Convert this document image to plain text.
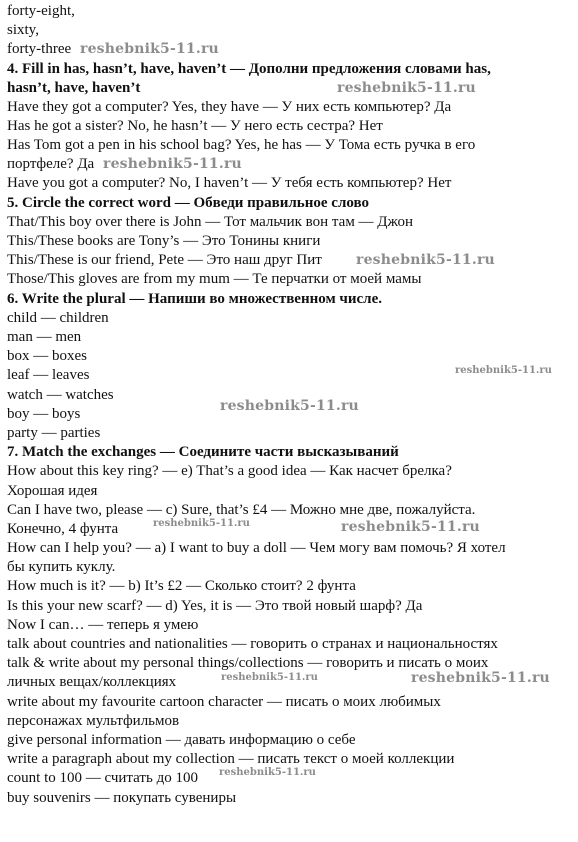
forty-eight,
sixty,
forty-three
4. Fill in has, hasn’t, have, haven’t — Дополни предложения словами has,
hasn’t, have, haven’t
Have they got a computer? Yes, they have — У них есть компьютер? Да
Has he got a sister? No, he hasn’t — У него есть сестра? Нет
Has Tom got a pen in his school bag? Yes, he has — У Тома есть ручка в его
портфеле? Да
Have you got a computer? No, I haven’t — У тебя есть компьютер? Нет
5. Circle the correct word — Обведи правильное слово
That/This boy over there is John — Тот мальчик вон там — Джон
This/These books are Tony’s — Это Тонины книги
This/These is our friend, Pete — Это наш друг Пит
Those/This gloves are from my mum — Те перчатки от моей мамы
6. Write the plural — Напиши во множественном числе.
child — children
man — men
box — boxes
leaf — leaves
watch — watches
boy — boys
party — parties
7. Match the exchanges — Соедините части высказываний
How about this key ring? — e) That’s a good idea — Как насчет брелка?
Хорошая идея
Can I have two, please — c) Sure, that’s £4 — Можно мне две, пожалуйста.
Конечно, 4 фунта
How can I help you? — a) I want to buy a doll — Чем могу вам помочь? Я хотел
бы купить куклу.
How much is it? — b) It’s £2 — Сколько стоит? 2 фунта
Is this your new scarf? — d) Yes, it is — Это твой новый шарф? Да
Now I can… — теперь я умею
talk about countries and nationalities — говорить о странах и национальностях
talk & write about my personal things/collections — говорить и писать о моих
личных вещах/коллекциях
write about my favourite cartoon character — писать о моих любимых
персонажах мультфильмов
give personal information — давать информацию о себе
write a paragraph about my collection — писать текст о моей коллекции
count to 100 — считать до 100
buy souvenirs — покупать сувениры
reshebnik5-11.ru
reshebnik5-11.ru
reshebnik5-11.ru
reshebnik5-11.ru
reshebnik5-11.ru
reshebnik5-11.ru
reshebnik5-11.ru	reshebnik5-11.ru
reshebnik5-11.ru	reshebnik5-11.ru
reshebnik5-11.ru
